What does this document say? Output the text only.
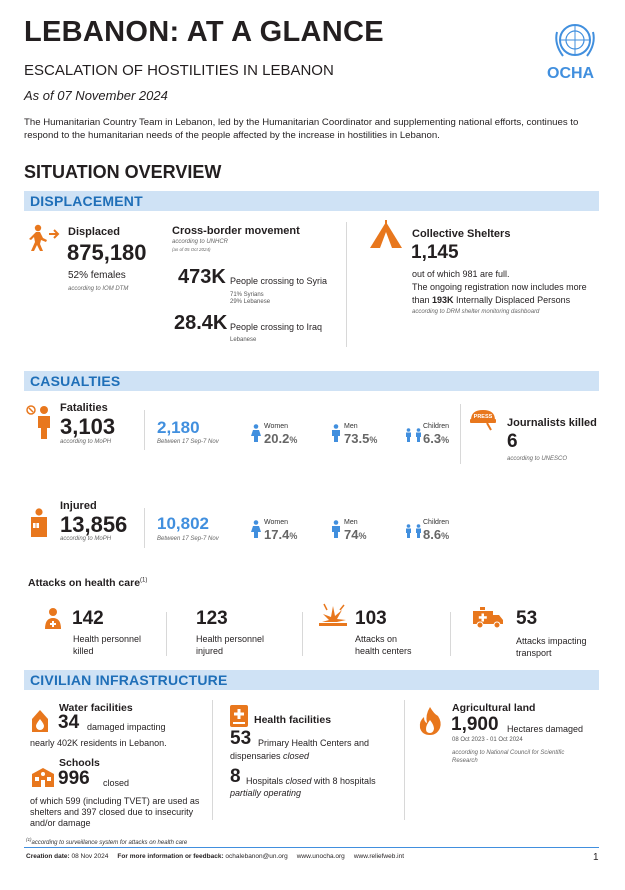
LEBANON: AT A GLANCE
ESCALATION OF HOSTILITIES IN LEBANON
As of 07 November 2024
OCHA
The Humanitarian Country Team in Lebanon, led by the Humanitarian Coordinator and supplementing national efforts, continues to respond to the humanitarian needs of the people affected by the increase in hostilities in Lebanon.
SITUATION OVERVIEW
DISPLACEMENT
Displaced
875,180
52% females
according to IOM DTM
Cross-border movement
according to UNHCR
(as of 05 Oct 2024)
473K People crossing to Syria
71% Syrians
29% Lebanese
28.4K People crossing to Iraq
Lebanese
Collective Shelters
1,145
out of which 981 are full.
The ongoing registration now includes more
than 193K Internally Displaced Persons
according to DRM shelter monitoring dashboard
CASUALTIES
Fatalities
3,103
according to MoPH
2,180
Between 17 Sep-7 Nov
Women
20.2%
Men
73.5%
Children
6.3%
PRESS Journalists killed
6
according to UNESCO
Injured
13,856
according to MoPH
10,802
Between 17 Sep-7 Nov
Women
17.4%
Men
74%
Children
8.6%
Attacks on health care$^{(1)}$
142
Health personnel
killed
123
Health personnel
injured
103
Attacks on
health centers
53
Attacks impacting
transport
CIVILIAN INFRASTRUCTURE
Water facilities
34 damaged impacting
nearly 402K residents in Lebanon.
Schools
996 closed
of which 599 (including TVET) are used as
shelters and 397 closed due to insecurity
and/or damage
Health facilities
53 Primary Health Centers and
dispensaries closed
8 Hospitals closed with 8 hospitals
partially operating
Agricultural land
1,900 Hectares damaged
08 Oct 2023 - 01 Oct 2024
according to National Council for Scientific
Research
$^{(1)}$according to surveillance system for attacks on health care
Creation date: 08 Nov 2024 For more information or feedback: ochalebanon@un.org www.unocha.org www.reliefweb.int	1
